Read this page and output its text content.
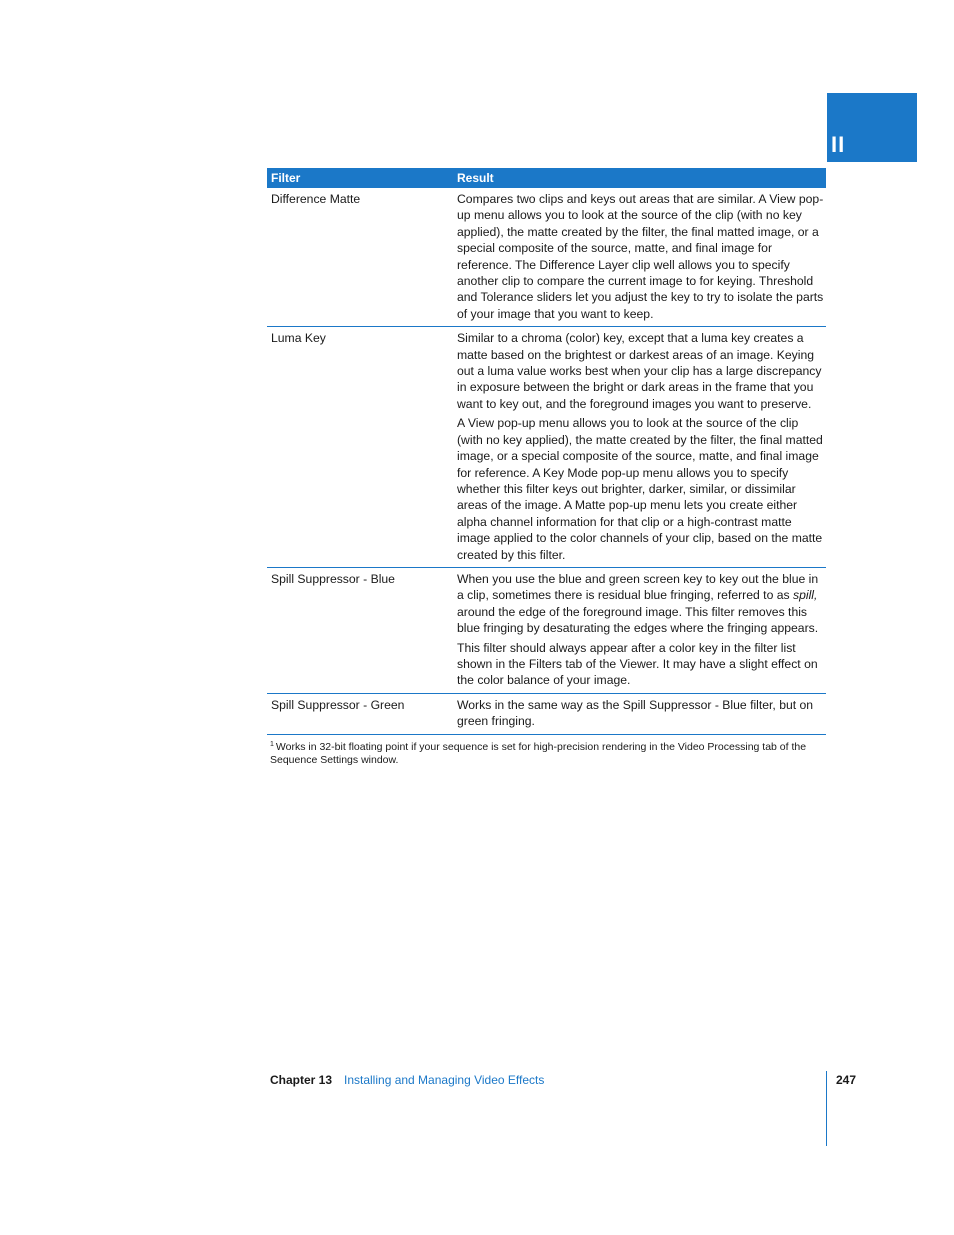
II
Filter	Result
Difference Matte	Compares two clips and keys out areas that are similar. A View pop-up menu allows you to look at the source of the clip (with no key applied), the matte created by the filter, the final matted image, or a special composite of the source, matte, and final image for reference. The Difference Layer clip well allows you to specify another clip to compare the current image to for keying. Threshold and Tolerance sliders let you adjust the key to try to isolate the parts of your image that you want to keep.

Luma Key	Similar to a chroma (color) key, except that a luma key creates a matte based on the brightest or darkest areas of an image. Keying out a luma value works best when your clip has a large discrepancy in exposure between the bright or dark areas in the frame that you want to key out, and the foreground images you want to preserve.

A View pop-up menu allows you to look at the source of the clip (with no key applied), the matte created by the filter, the final matted image, or a special composite of the source, matte, and final image for reference. A Key Mode pop-up menu allows you to specify whether this filter keys out brighter, darker, similar, or dissimilar areas of the image. A Matte pop-up menu lets you create either alpha channel information for that clip or a high-contrast matte image applied to the color channels of your clip, based on the matte created by this filter.

Spill Suppressor - Blue	When you use the blue and green screen key to key out the blue in a clip, sometimes there is residual blue fringing, referred to as spill, around the edge of the foreground image. This filter removes this blue fringing by desaturating the edges where the fringing appears.

This filter should always appear after a color key in the filter list shown in the Filters tab of the Viewer. It may have a slight effect on the color balance of your image.

Spill Suppressor - Green	Works in the same way as the Spill Suppressor - Blue filter, but on green fringing.

$^1$ Works in 32-bit floating point if your sequence is set for high-precision rendering in the Video Processing tab of the Sequence Settings window.
Chapter 13 Installing and Managing Video Effects	247
